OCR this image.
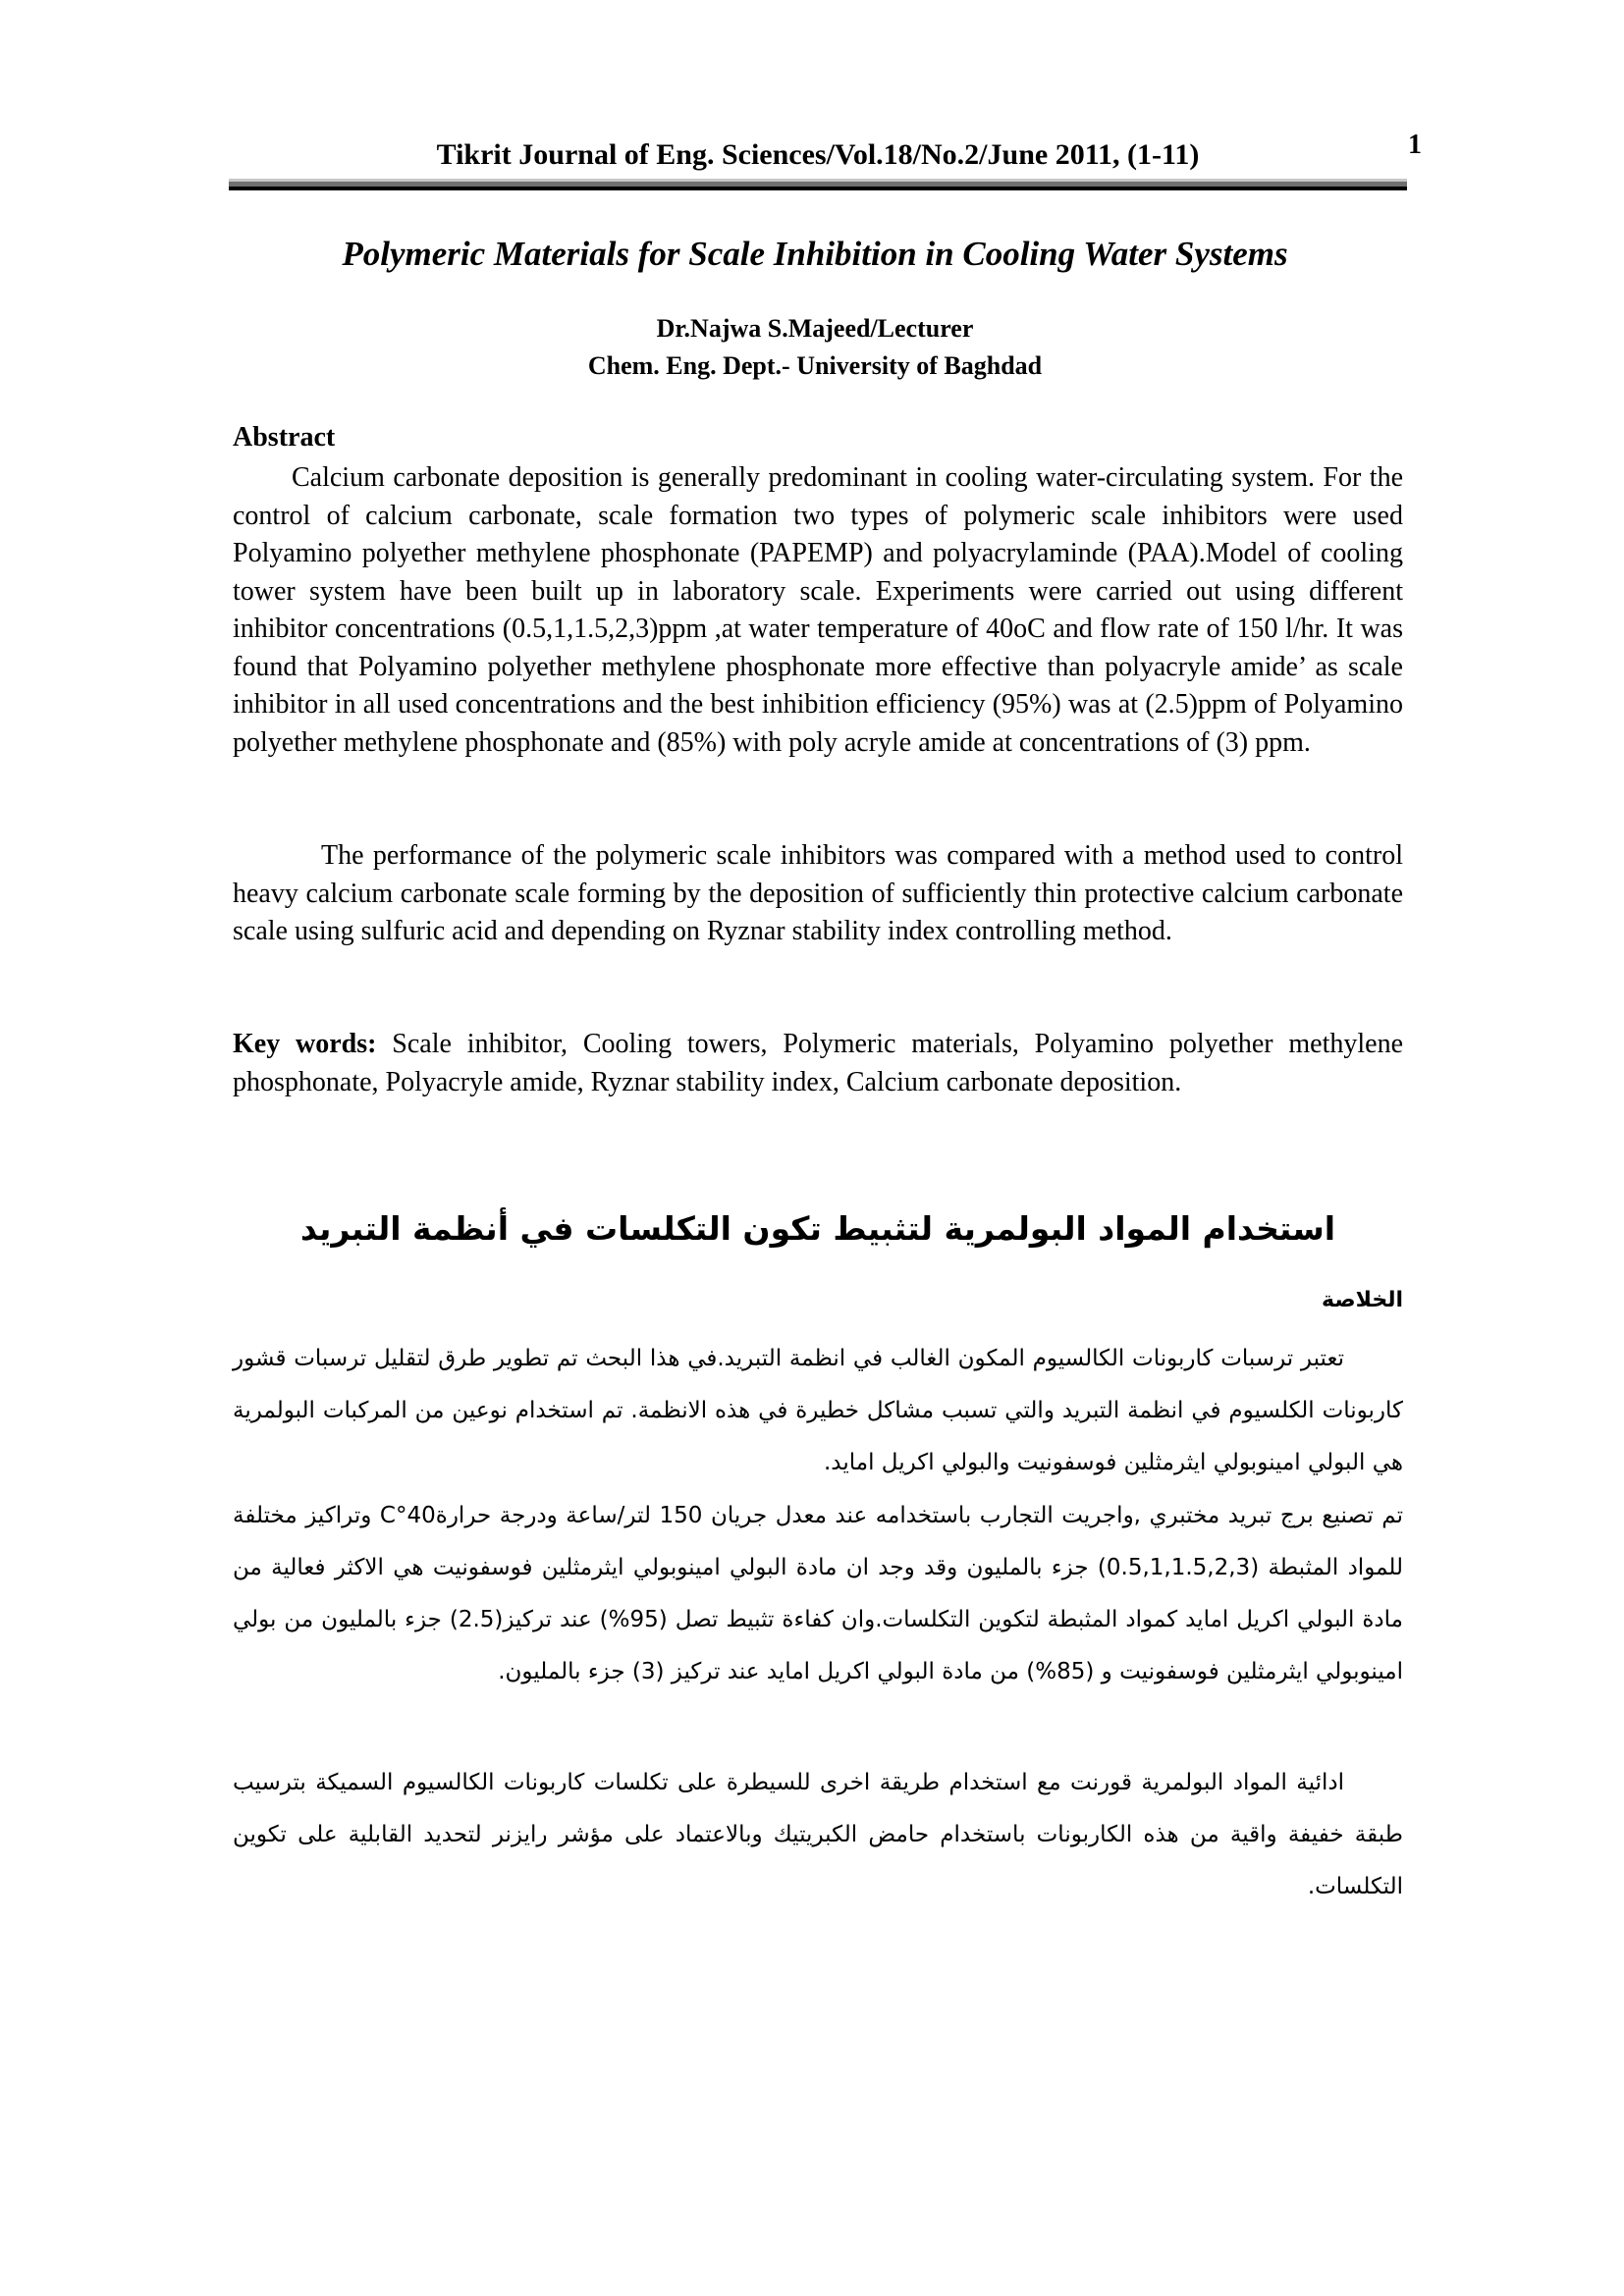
Tikrit Journal of Eng. Sciences/Vol.18/No.2/June 2011, (1-11)	1
Polymeric Materials for Scale Inhibition in Cooling Water Systems
Dr.Najwa S.Majeed/Lecturer
Chem. Eng. Dept.- University of Baghdad
Abstract

Calcium carbonate deposition is generally predominant in cooling water-circulating system. For the control of calcium carbonate, scale formation two types of polymeric scale inhibitors were used Polyamino polyether methylene phosphonate (PAPEMP) and polyacrylaminde (PAA).Model of cooling tower system have been built up in laboratory scale. Experiments were carried out using different inhibitor concentrations (0.5,1,1.5,2,3)ppm ,at water temperature of 40oC and flow rate of 150 l/hr. It was found that Polyamino polyether methylene phosphonate more effective than polyacryle amide’ as scale inhibitor in all used concentrations and the best inhibition efficiency (95%) was at (2.5)ppm of Polyamino polyether methylene phosphonate and (85%) with poly acryle amide at concentrations of (3) ppm.

The performance of the polymeric scale inhibitors was compared with a method used to control heavy calcium carbonate scale forming by the deposition of sufficiently thin protective calcium carbonate scale using sulfuric acid and depending on Ryznar stability index controlling method.

Key words: Scale inhibitor, Cooling towers, Polymeric materials, Polyamino polyether methylene phosphonate, Polyacryle amide, Ryznar stability index, Calcium carbonate deposition.

استخدام المواد البولمرية لتثبيط تكون التكلسات في أنظمة التبريد
الخلاصة
تعتبر ترسبات كاربونات الكالسيوم المكون الغالب في انظمة التبريد.في هذا البحث تم تطوير طرق لتقليل ترسبات قشور كاربونات الكلسيوم في انظمة التبريد والتي تسبب مشاكل خطيرة في هذه الانظمة. تم استخدام نوعين من المركبات البولمرية هي البولي امينوبولي ايثرمثلين فوسفونيت والبولي اكريل امايد.
تم تصنيع برج تبريد مختبري ,واجريت التجارب باستخدامه عند معدل جريان 150 لتر/ساعة ودرجة حرارة40°C وتراكيز مختلفة للمواد المثبطة (0.5,1,1.5,2,3) جزء بالمليون وقد وجد ان مادة البولي امينوبولي ايثرمثلين فوسفونيت هي الاكثر فعالية من مادة البولي اكريل امايد كمواد المثبطة لتكوين التكلسات.وان كفاءة تثبيط تصل (95%) عند تركيز(2.5) جزء بالمليون من بولي امينوبولي ايثرمثلين فوسفونيت و (85%) من مادة البولي اكريل امايد عند تركيز (3) جزء بالمليون.
ادائية المواد البولمرية قورنت مع استخدام طريقة اخرى للسيطرة على تكلسات كاربونات الكالسيوم السميكة بترسيب طبقة خفيفة واقية من هذه الكاربونات باستخدام حامض الكبريتيك وبالاعتماد على مؤشر رايزنر لتحديد القابلية على تكوين التكلسات.
